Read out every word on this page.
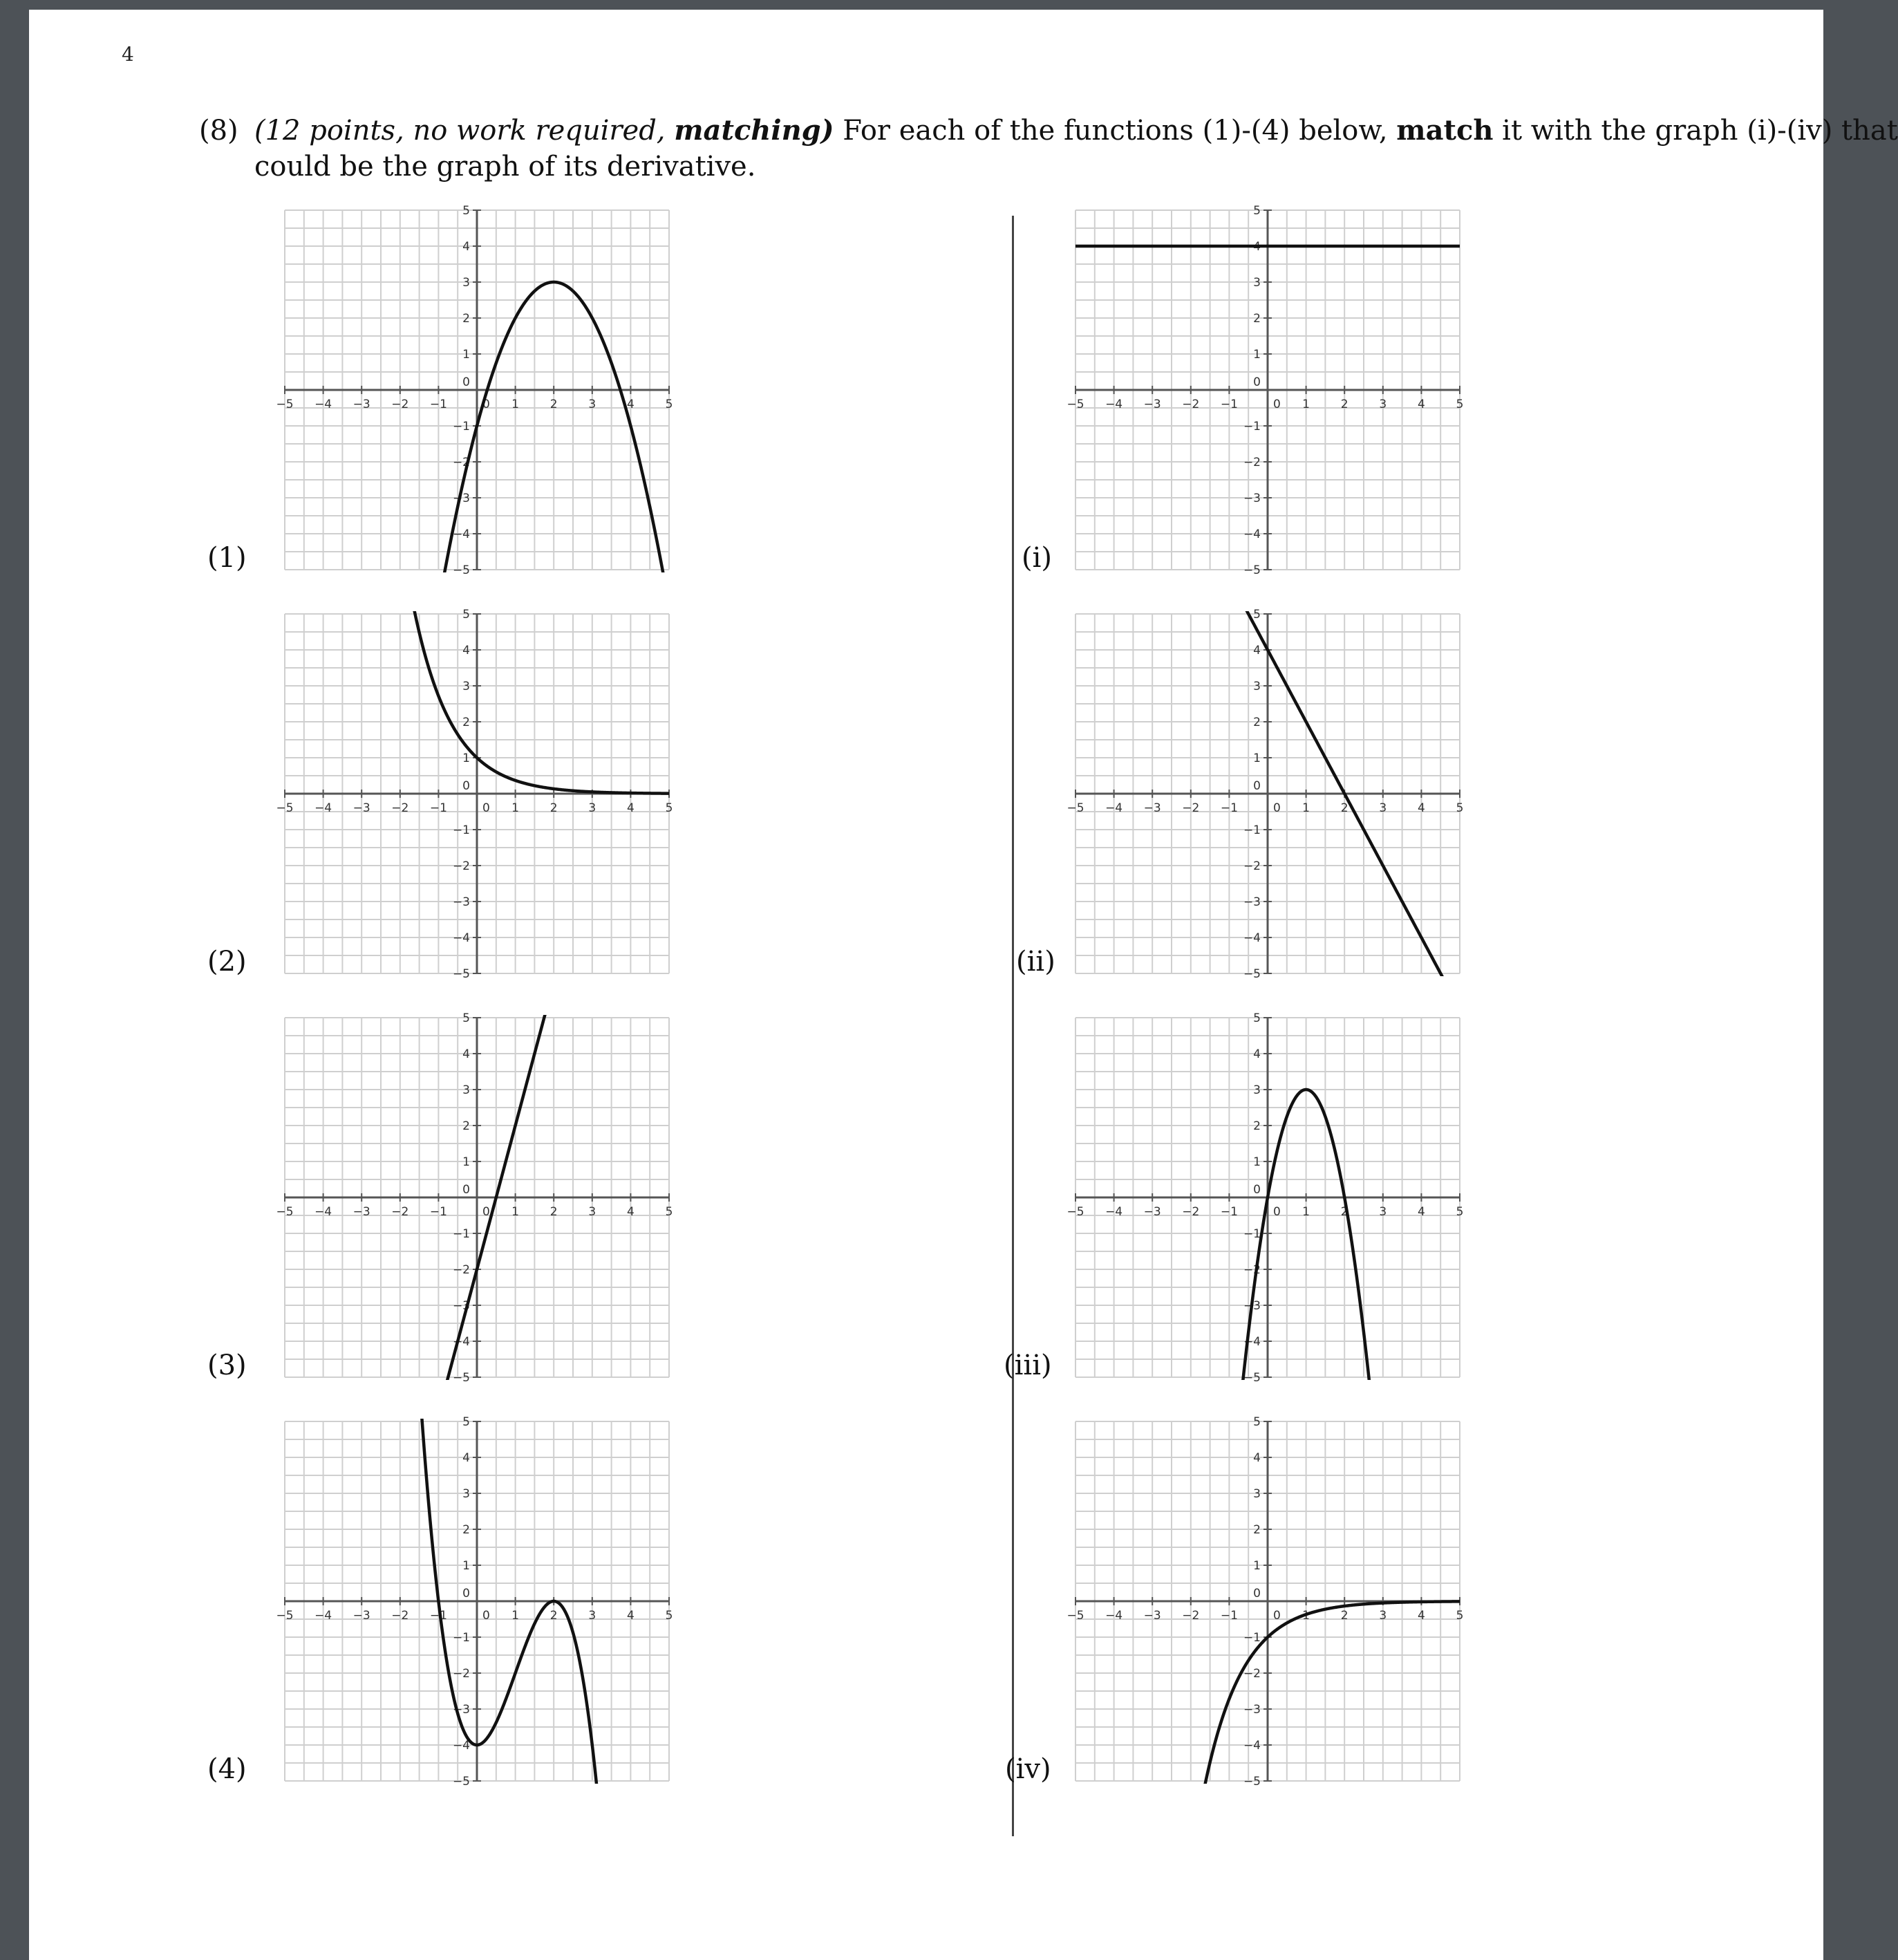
4
(8) (12 points, no work required, matching) For each of the functions (1)-(4) below, match it with the graph (i)-(iv) that
could be the graph of its derivative.
(1)
−5 −4 −3 −2 −1	1	2	3	4	5
0
5
4
3
2
1
0
−1
−2
−3
−4
−5
(2)
−5 −4 −3 −2 −1	1	2	3	4	5
0
5
4
3
2
1
0
−1
−2
−3
−4
−5
(3)
−5 −4 −3 −2 −1	1	2	3	4	5
0
5
4
3
2
1
0
−1
−2
−3
−4
−5
(4)
−5 −4 −3 −2 −1	1	2	3	4	5
0
5
4
3
2
1
0
−1
−2
−3
−4
−5
(i)
−5 −4 −3 −2 −1	1	2	3	4	5
0
5
4
3
2
1
0
−1
−2
−3
−4
−5
(ii)
−5 −4 −3 −2 −1	1	2	3	4	5
0
5
4
3
2
1
0
−1
−2
−3
−4
−5
(iii)
−5 −4 −3 −2 −1	1	2	3	4	5
0
5
4
3
2
1
0
−1
−2
−3
−4
−5
(iv)
−5 −4 −3 −2 −1	1	2	3	4	5
0
5
4
3
2
1
0
−1
−2
−3
−4
−5
